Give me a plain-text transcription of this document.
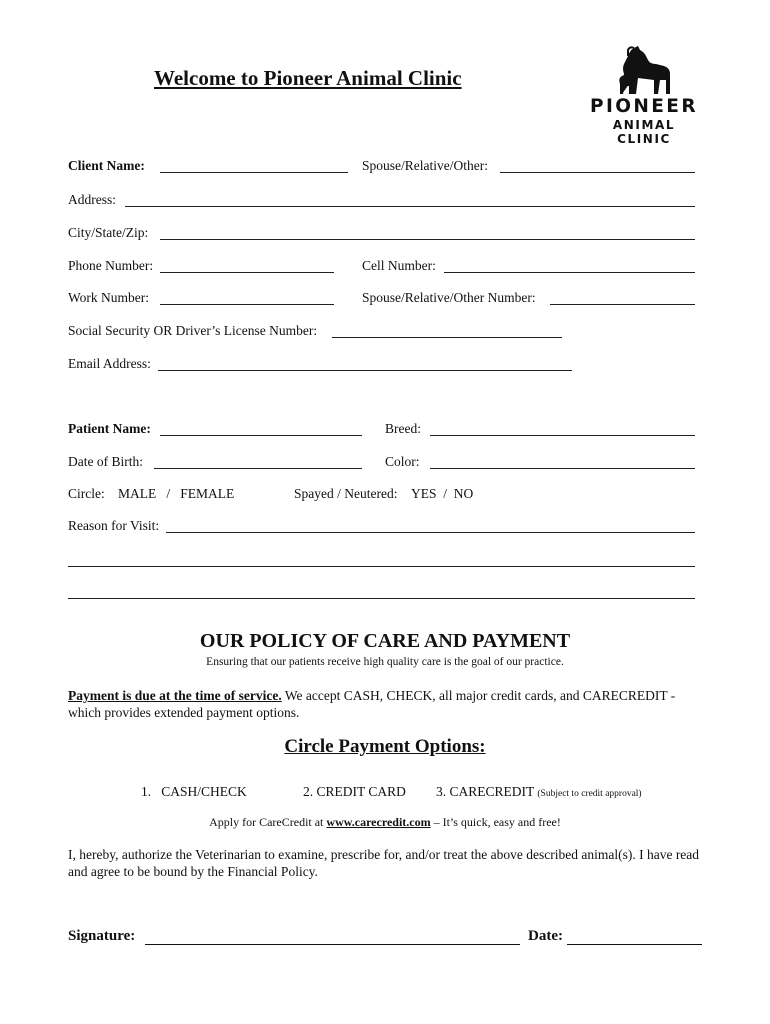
Welcome to Pioneer Animal Clinic
PIONEER
ANIMAL CLINIC
Client Name:	Spouse/Relative/Other:
Address:
City/State/Zip:
Phone Number:	Cell Number:
Work Number:	Spouse/Relative/Other Number:
Social Security OR Driver’s License Number:
Email Address:
Patient Name:	Breed:
Date of Birth:	Color:
Circle: MALE   /   FEMALE	Spayed / Neutered: YES  /  NO
Reason for Visit:
OUR POLICY OF CARE AND PAYMENT
Ensuring that our patients receive high quality care is the goal of our practice.
Payment is due at the time of service. We accept CASH, CHECK, all major credit cards, and CARECREDIT - which provides extended payment options.
Circle Payment Options:
1.   CASH/CHECK	2. CREDIT CARD 3. CARECREDIT (Subject to credit approval)
Apply for CareCredit at www.carecredit.com – It’s quick, easy and free!
I, hereby, authorize the Veterinarian to examine, prescribe for, and/or treat the above described animal(s). I have read and agree to be bound by the Financial Policy.
Signature:	Date:
